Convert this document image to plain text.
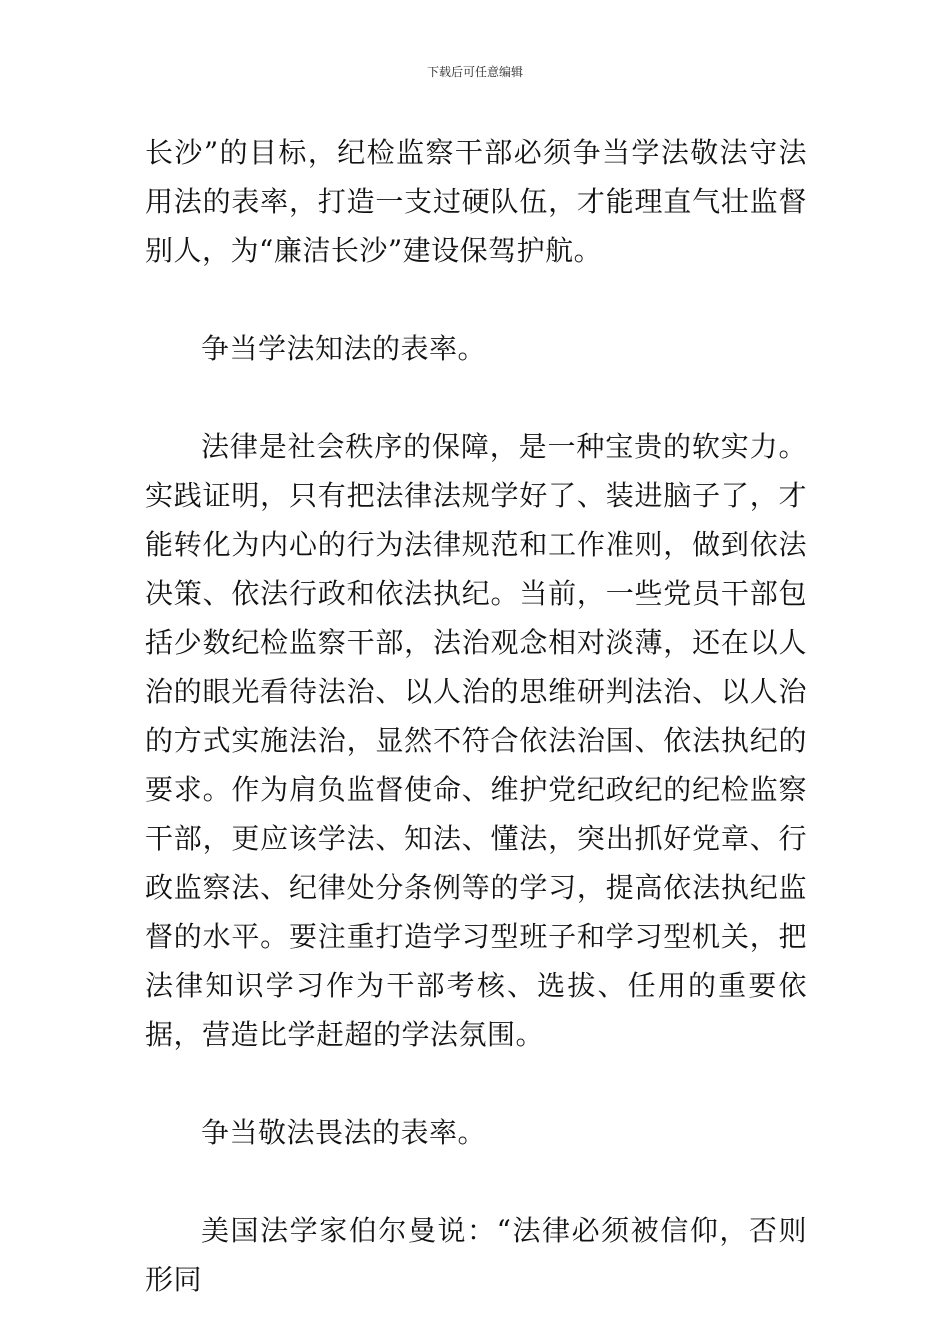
下载后可任意编辑

长沙”的目标，纪检监察干部必须争当学法敬法守法用法的表率，打造一支过硬队伍，才能理直气壮监督别人，为“廉洁长沙”建设保驾护航。

争当学法知法的表率。

法律是社会秩序的保障，是一种宝贵的软实力。实践证明，只有把法律法规学好了、装进脑子了，才能转化为内心的行为法律规范和工作准则，做到依法决策、依法行政和依法执纪。当前，一些党员干部包括少数纪检监察干部，法治观念相对淡薄，还在以人治的眼光看待法治、以人治的思维研判法治、以人治的方式实施法治，显然不符合依法治国、依法执纪的要求。作为肩负监督使命、维护党纪政纪的纪检监察干部，更应该学法、知法、懂法，突出抓好党章、行政监察法、纪律处分条例等的学习，提高依法执纪监督的水平。要注重打造学习型班子和学习型机关，把法律知识学习作为干部考核、选拔、任用的重要依据，营造比学赶超的学法氛围。

争当敬法畏法的表率。

美国法学家伯尔曼说：“法律必须被信仰，否则形同
